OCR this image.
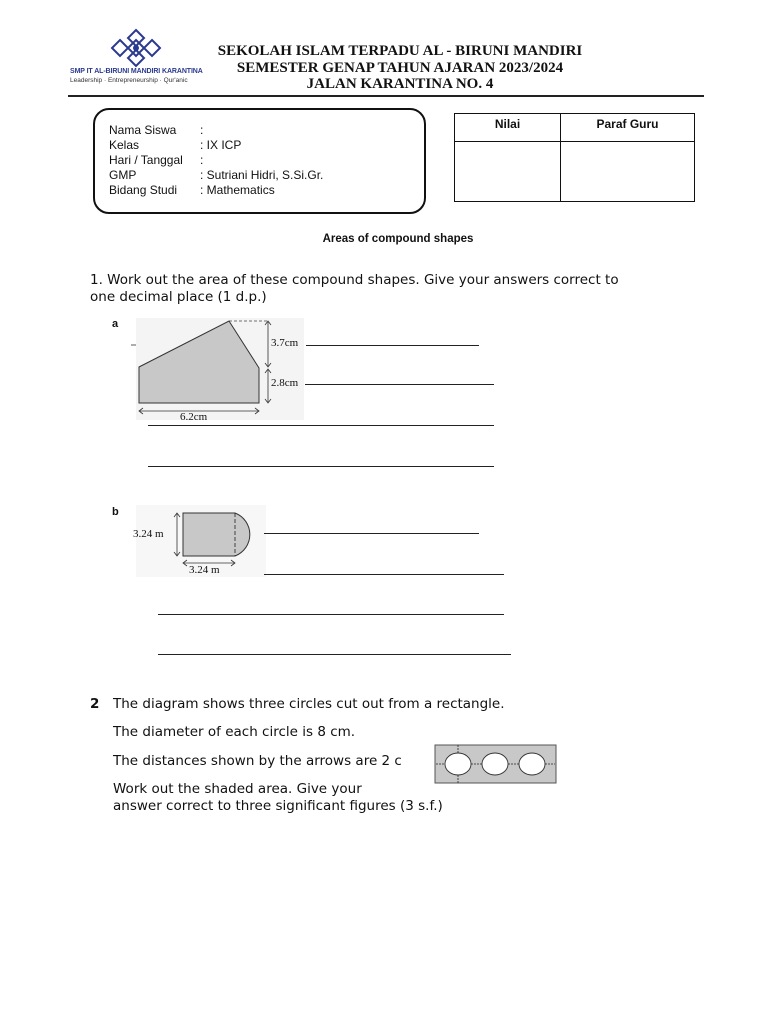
SMP IT AL-BIRUNI MANDIRI KARANTINA
Leadership · Entrepreneurship · Qur'anic
SEKOLAH ISLAM TERPADU AL - BIRUNI MANDIRI
SEMESTER GENAP TAHUN AJARAN 2023/2024
JALAN KARANTINA NO. 4
Nama Siswa :
Kelas	: IX ICP
Hari / Tanggal :
GMP	: Sutriani Hidri, S.Si.Gr.
Bidang Studi : Mathematics
Nilai	Paraf Guru

Areas of compound shapes
1. Work out the area of these compound shapes. Give your answers correct to
one decimal place (1 d.p.)
a
3.7cm
2.8cm
6.2cm
b
3.24 m
3.24 m
2 The diagram shows three circles cut out from a rectangle.
The diameter of each circle is 8 cm.
The distances shown by the arrows are 2 c
Work out the shaded area. Give your
answer correct to three significant figures (3 s.f.)
